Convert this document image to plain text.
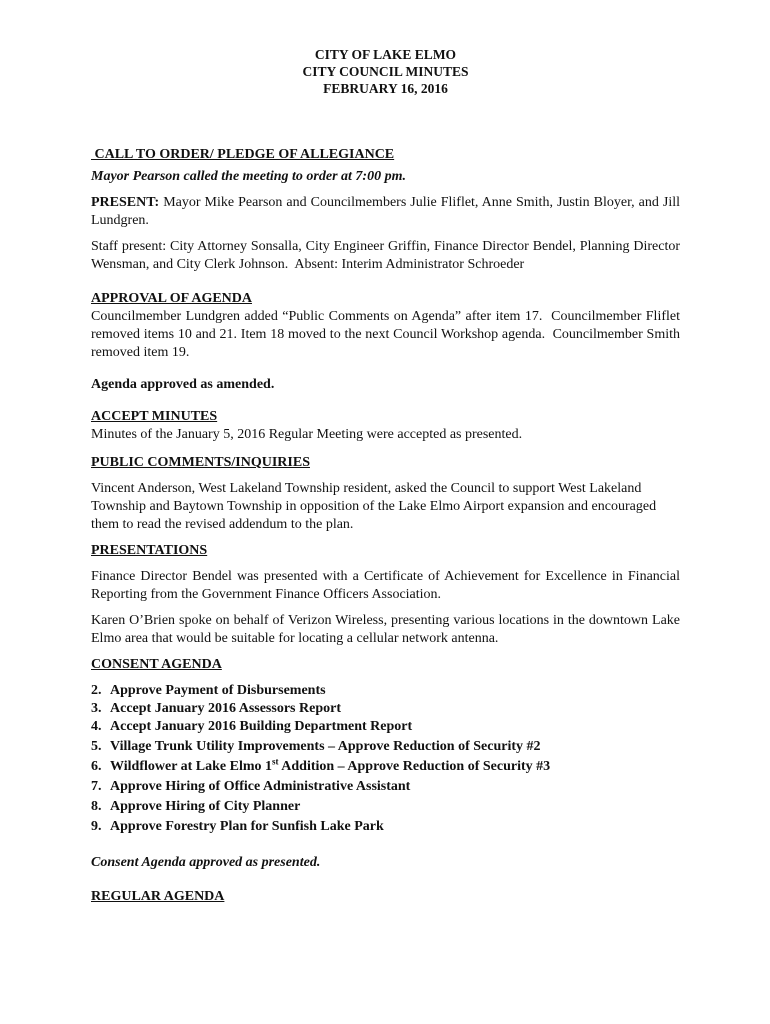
CITY OF LAKE ELMO
CITY COUNCIL MINUTES
FEBRUARY 16, 2016
CALL TO ORDER/ PLEDGE OF ALLEGIANCE

Mayor Pearson called the meeting to order at 7:00 pm.

PRESENT: Mayor Mike Pearson and Councilmembers Julie Fliflet, Anne Smith, Justin Bloyer, and Jill Lundgren.

Staff present: City Attorney Sonsalla, City Engineer Griffin, Finance Director Bendel, Planning Director Wensman, and City Clerk Johnson.  Absent: Interim Administrator Schroeder

APPROVAL OF AGENDA

Councilmember Lundgren added “Public Comments on Agenda” after item 17.  Councilmember Fliflet removed items 10 and 21. Item 18 moved to the next Council Workshop agenda.  Councilmember Smith removed item 19.

Agenda approved as amended.

ACCEPT MINUTES

Minutes of the January 5, 2016 Regular Meeting were accepted as presented.

PUBLIC COMMENTS/INQUIRIES

Vincent Anderson, West Lakeland Township resident, asked the Council to support West Lakeland Township and Baytown Township in opposition of the Lake Elmo Airport expansion and encouraged them to read the revised addendum to the plan.

PRESENTATIONS

Finance Director Bendel was presented with a Certificate of Achievement for Excellence in Financial Reporting from the Government Finance Officers Association.

Karen O’Brien spoke on behalf of Verizon Wireless, presenting various locations in the downtown Lake Elmo area that would be suitable for locating a cellular network antenna.

CONSENT AGENDA
2. Approve Payment of Disbursements
3. Accept January 2016 Assessors Report
4. Accept January 2016 Building Department Report
5. Village Trunk Utility Improvements – Approve Reduction of Security #2
6. Wildflower at Lake Elmo 1st Addition – Approve Reduction of Security #3
7. Approve Hiring of Office Administrative Assistant
8. Approve Hiring of City Planner
9. Approve Forestry Plan for Sunfish Lake Park

Consent Agenda approved as presented.

REGULAR AGENDA
